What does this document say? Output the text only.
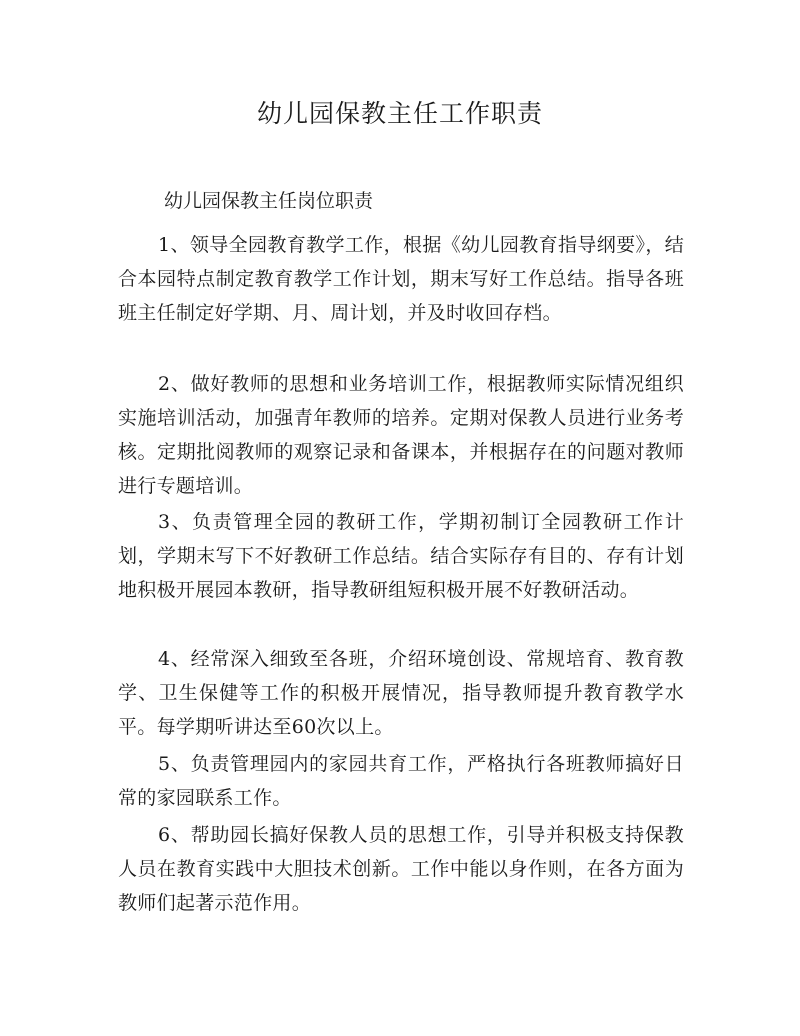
幼儿园保教主任工作职责
幼儿园保教主任岗位职责

1、领导全园教育教学工作，根据《幼儿园教育指导纲要》，结合本园特点制定教育教学工作计划，期末写好工作总结。指导各班班主任制定好学期、月、周计划，并及时收回存档。

2、做好教师的思想和业务培训工作，根据教师实际情况组织实施培训活动，加强青年教师的培养。定期对保教人员进行业务考核。定期批阅教师的观察记录和备课本，并根据存在的问题对教师进行专题培训。

3、负责管理全园的教研工作，学期初制订全园教研工作计划，学期末写下不好教研工作总结。结合实际存有目的、存有计划地积极开展园本教研，指导教研组短积极开展不好教研活动。

4、经常深入细致至各班，介绍环境创设、常规培育、教育教学、卫生保健等工作的积极开展情况，指导教师提升教育教学水平。每学期听讲达至60次以上。

5、负责管理园内的家园共育工作，严格执行各班教师搞好日常的家园联系工作。

6、帮助园长搞好保教人员的思想工作，引导并积极支持保教人员在教育实践中大胆技术创新。工作中能以身作则，在各方面为教师们起著示范作用。
